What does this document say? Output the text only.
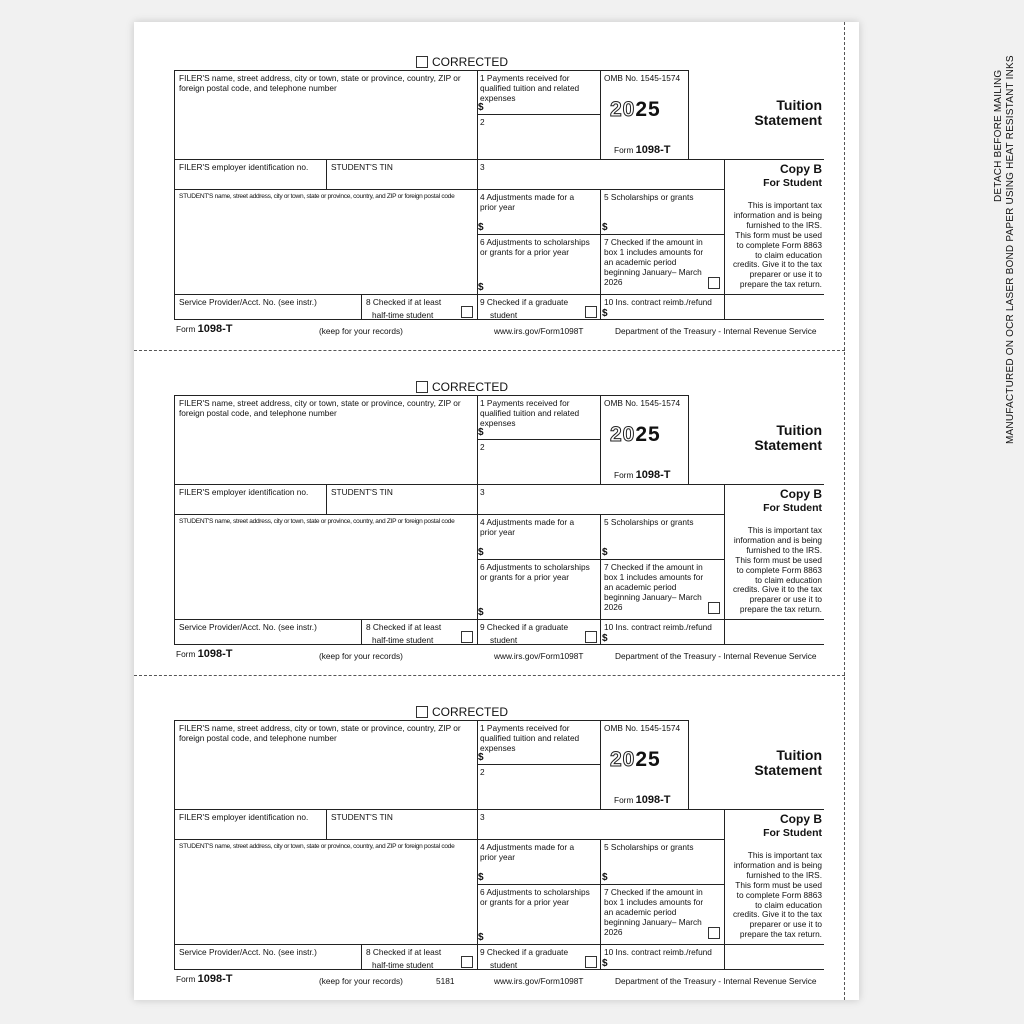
DETACH BEFORE MAILING MANUFACTURED ON OCR LASER BOND PAPER USING HEAT RESISTANT INKS
CORRECTED
FILER'S name, street address, city or town, state or province, country, ZIP or foreign postal code, and telephone number
1 Payments received for qualified tuition and related expenses
$
2
OMB No. 1545-1574
2025
Form 1098-T
Tuition
Statement
FILER'S employer identification no.	STUDENT'S TIN	3	Copy B
For Student
This is important tax information and is being furnished to the IRS. This form must be used to complete Form 8863 to claim education credits. Give it to the tax preparer or use it to prepare the tax return.
STUDENT'S name, street address, city or town, state or province, country, and ZIP or foreign postal code	4 Adjustments made for a prior year
$
5 Scholarships or grants
$
6 Adjustments to scholarships or grants for a prior year
$
7 Checked if the amount in box 1 includes amounts for an academic period beginning January– March 2026
Service Provider/Acct. No. (see instr.)	8 Checked if at least
half-time student
9 Checked if a graduate
student
10 Ins. contract reimb./refund
$
Form 1098-T	(keep for your records)	www.irs.gov/Form1098T	Department of the Treasury - Internal Revenue Service
CORRECTED
FILER'S name, street address, city or town, state or province, country, ZIP or foreign postal code, and telephone number
1 Payments received for qualified tuition and related expenses
$
2
OMB No. 1545-1574
2025
Form 1098-T
Tuition
Statement
FILER'S employer identification no.	STUDENT'S TIN	3	Copy B
For Student
This is important tax information and is being furnished to the IRS. This form must be used to complete Form 8863 to claim education credits. Give it to the tax preparer or use it to prepare the tax return.
STUDENT'S name, street address, city or town, state or province, country, and ZIP or foreign postal code	4 Adjustments made for a prior year
$
5 Scholarships or grants
$
6 Adjustments to scholarships or grants for a prior year
$
7 Checked if the amount in box 1 includes amounts for an academic period beginning January– March 2026
Service Provider/Acct. No. (see instr.)	8 Checked if at least
half-time student
9 Checked if a graduate
student
10 Ins. contract reimb./refund
$
Form 1098-T	(keep for your records)	www.irs.gov/Form1098T	Department of the Treasury - Internal Revenue Service
CORRECTED
FILER'S name, street address, city or town, state or province, country, ZIP or foreign postal code, and telephone number
1 Payments received for qualified tuition and related expenses
$
2
OMB No. 1545-1574
2025
Form 1098-T
Tuition
Statement
FILER'S employer identification no.	STUDENT'S TIN	3	Copy B
For Student
This is important tax information and is being furnished to the IRS. This form must be used to complete Form 8863 to claim education credits. Give it to the tax preparer or use it to prepare the tax return.
STUDENT'S name, street address, city or town, state or province, country, and ZIP or foreign postal code	4 Adjustments made for a prior year
$
5 Scholarships or grants
$
6 Adjustments to scholarships or grants for a prior year
$
7 Checked if the amount in box 1 includes amounts for an academic period beginning January– March 2026
Service Provider/Acct. No. (see instr.)	8 Checked if at least
half-time student
9 Checked if a graduate
student
10 Ins. contract reimb./refund
$
Form 1098-T	(keep for your records)	www.irs.gov/Form1098T	Department of the Treasury - Internal Revenue Service
5181
